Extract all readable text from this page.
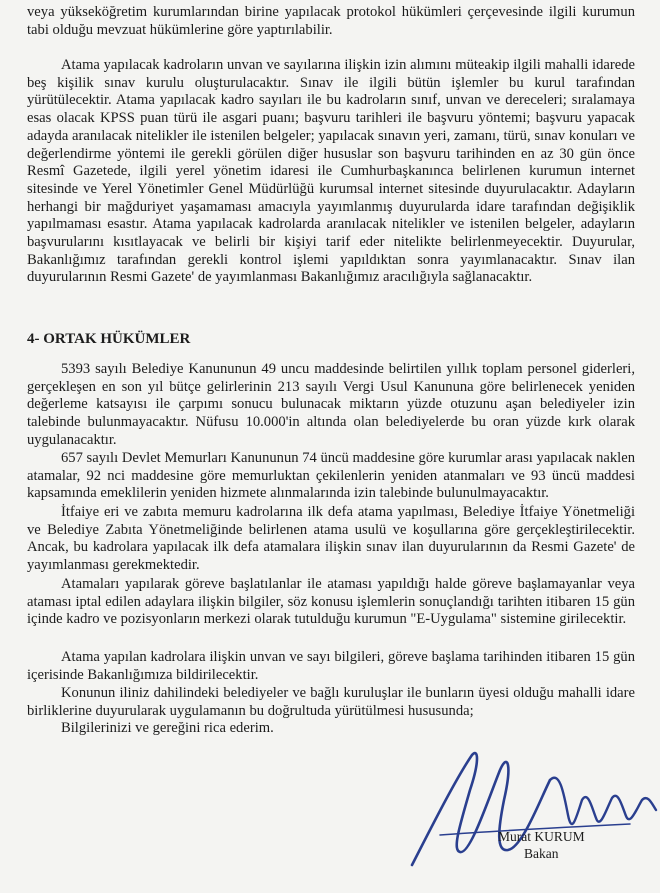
veya yükseköğretim kurumlarından birine yapılacak protokol hükümleri çerçevesinde ilgili kurumun tabi olduğu mevzuat hükümlerine göre yaptırılabilir.

Atama yapılacak kadroların unvan ve sayılarına ilişkin izin alımını müteakip ilgili mahalli idarede beş kişilik sınav kurulu oluşturulacaktır. Sınav ile ilgili bütün işlemler bu kurul tarafından yürütülecektir. Atama yapılacak kadro sayıları ile bu kadroların sınıf, unvan ve dereceleri; sıralamaya esas olacak KPSS puan türü ile asgari puanı; başvuru tarihleri ile başvuru yöntemi; başvuru yapacak adayda aranılacak nitelikler ile istenilen belgeler; yapılacak sınavın yeri, zamanı, türü, sınav konuları ve değerlendirme yöntemi ile gerekli görülen diğer hususlar son başvuru tarihinden en az 30 gün önce Resmî Gazetede, ilgili yerel yönetim idaresi ile Cumhurbaşkanınca belirlenen kurumun internet sitesinde ve Yerel Yönetimler Genel Müdürlüğü kurumsal internet sitesinde duyurulacaktır. Adayların herhangi bir mağduriyet yaşamaması amacıyla yayımlanmış duyurularda idare tarafından değişiklik yapılmaması esastır. Atama yapılacak kadrolarda aranılacak nitelikler ve istenilen belgeler, adayların başvurularını kısıtlayacak ve belirli bir kişiyi tarif eder nitelikte belirlenmeyecektir. Duyurular, Bakanlığımız tarafından gerekli kontrol işlemi yapıldıktan sonra yayımlanacaktır. Sınav ilan duyurularının Resmi Gazete' de yayımlanması Bakanlığımız aracılığıyla sağlanacaktır.

4- ORTAK HÜKÜMLER

5393 sayılı Belediye Kanununun 49 uncu maddesinde belirtilen yıllık toplam personel giderleri, gerçekleşen en son yıl bütçe gelirlerinin 213 sayılı Vergi Usul Kanununa göre belirlenecek yeniden değerleme katsayısı ile çarpımı sonucu bulunacak miktarın yüzde otuzunu aşan belediyeler izin talebinde bulunmayacaktır. Nüfusu 10.000'in altında olan belediyelerde bu oran yüzde kırk olarak uygulanacaktır.

657 sayılı Devlet Memurları Kanununun 74 üncü maddesine göre kurumlar arası yapılacak naklen atamalar, 92 nci maddesine göre memurluktan çekilenlerin yeniden atanmaları ve 93 üncü maddesi kapsamında emeklilerin yeniden hizmete alınmalarında izin talebinde bulunulmayacaktır.

İtfaiye eri ve zabıta memuru kadrolarına ilk defa atama yapılması, Belediye İtfaiye Yönetmeliği ve Belediye Zabıta Yönetmeliğinde belirlenen atama usulü ve koşullarına göre gerçekleştirilecektir. Ancak, bu kadrolara yapılacak ilk defa atamalara ilişkin sınav ilan duyurularının da Resmi Gazete' de yayımlanması gerekmektedir.

Atamaları yapılarak göreve başlatılanlar ile ataması yapıldığı halde göreve başlamayanlar veya ataması iptal edilen adaylara ilişkin bilgiler, söz konusu işlemlerin sonuçlandığı tarihten itibaren 15 gün içinde kadro ve pozisyonların merkezi olarak tutulduğu kurumun "E-Uygulama" sistemine girilecektir.

Atama yapılan kadrolara ilişkin unvan ve sayı bilgileri, göreve başlama tarihinden itibaren 15 gün içerisinde Bakanlığımıza bildirilecektir.

Konunun iliniz dahilindeki belediyeler ve bağlı kuruluşlar ile bunların üyesi olduğu mahalli idare birliklerine duyurularak uygulamanın bu doğrultuda yürütülmesi hususunda;

Bilgilerinizi ve gereğini rica ederim.

Murat KURUM
Bakan
